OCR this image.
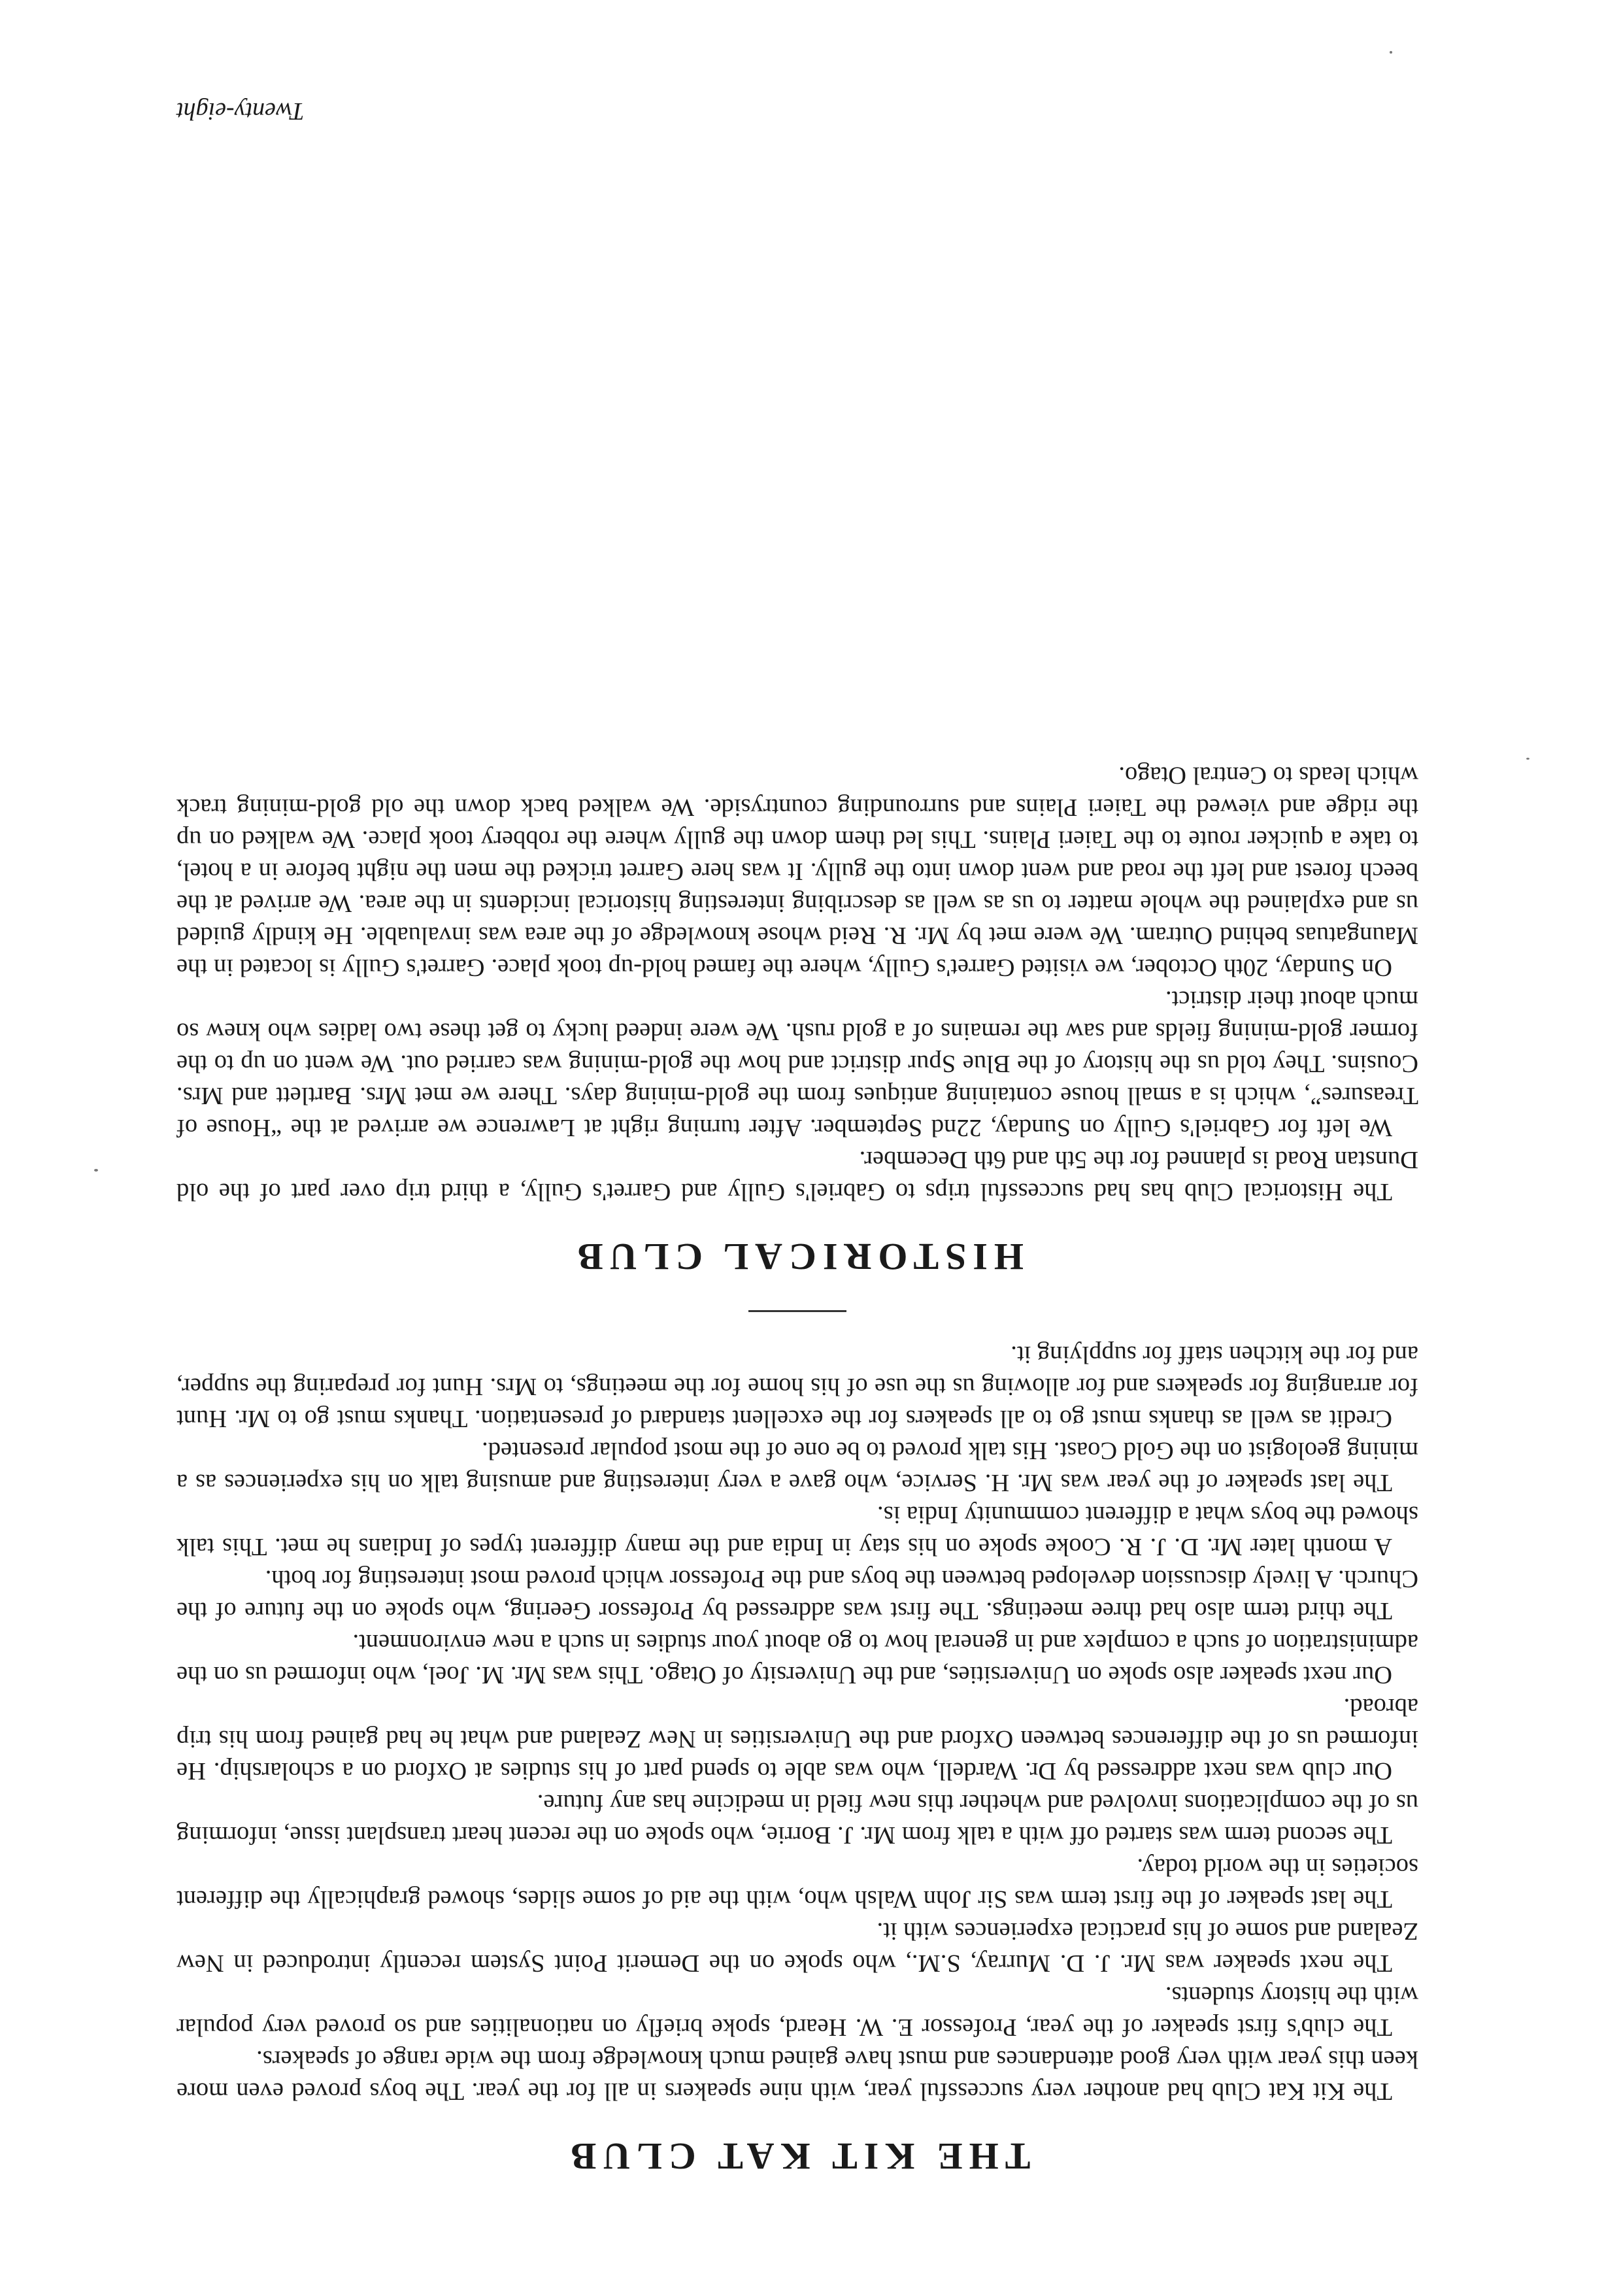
THE KIT KAT CLUB

The Kit Kat Club had another very successful year, with nine speakers in all for the year. The boys proved even more keen this year with very good attendances and must have gained much knowledge from the wide range of speakers.

The club's first speaker of the year, Professor E. W. Heard, spoke briefly on nationalities and so proved very popular with the history students.

The next speaker was Mr. J. D. Murray, S.M., who spoke on the Demerit Point System recently introduced in New Zealand and some of his practical experiences with it.

The last speaker of the first term was Sir John Walsh who, with the aid of some slides, showed graphically the different societies in the world today.

The second term was started off with a talk from Mr. J. Borrie, who spoke on the recent heart transplant issue, informing us of the complications involved and whether this new field in medicine has any future.

Our club was next addressed by Dr. Wardell, who was able to spend part of his studies at Oxford on a scholarship. He informed us of the differences between Oxford and the Universities in New Zealand and what he had gained from his trip abroad.

Our next speaker also spoke on Universities, and the University of Otago. This was Mr. M. Joel, who informed us on the administration of such a complex and in general how to go about your studies in such a new environment.

The third term also had three meetings. The first was addressed by Professor Geering, who spoke on the future of the Church. A lively discussion developed between the boys and the Professor which proved most interesting for both.

A month later Mr. D. J. R. Cooke spoke on his stay in India and the many different types of Indians he met. This talk showed the boys what a different community India is.

The last speaker of the year was Mr. H. Service, who gave a very interesting and amusing talk on his experiences as a mining geologist on the Gold Coast. His talk proved to be one of the most popular presented.

Credit as well as thanks must go to all speakers for the excellent standard of presentation. Thanks must go to Mr. Hunt for arranging for speakers and for allowing us the use of his home for the meetings, to Mrs. Hunt for preparing the supper, and for the kitchen staff for supplying it.

HISTORICAL CLUB

The Historical Club has had successful trips to Gabriel's Gully and Garret's Gully, a third trip over part of the old Dunstan Road is planned for the 5th and 6th December.

We left for Gabriel's Gully on Sunday, 22nd September. After turning right at Lawrence we arrived at the “House of Treasures”, which is a small house containing antiques from the gold-mining days. There we met Mrs. Bartlett and Mrs. Cousins. They told us the history of the Blue Spur district and how the gold-mining was carried out. We went on up to the former gold-mining fields and saw the remains of a gold rush. We were indeed lucky to get these two ladies who knew so much about their district.

On Sunday, 20th October, we visited Garret's Gully, where the famed hold-up took place. Garret's Gully is located in the Maungatuas behind Outram. We were met by Mr. R. Reid whose knowledge of the area was invaluable. He kindly guided us and explained the whole matter to us as well as describing interesting historical incidents in the area. We arrived at the beech forest and left the road and went down into the gully. It was here Garret tricked the men the night before in a hotel, to take a quicker route to the Taieri Plains. This led them down the gully where the robbery took place. We walked on up the ridge and viewed the Taieri Plains and surrounding countryside. We walked back down the old gold-mining track which leads to Central Otago.

Twenty-eight
